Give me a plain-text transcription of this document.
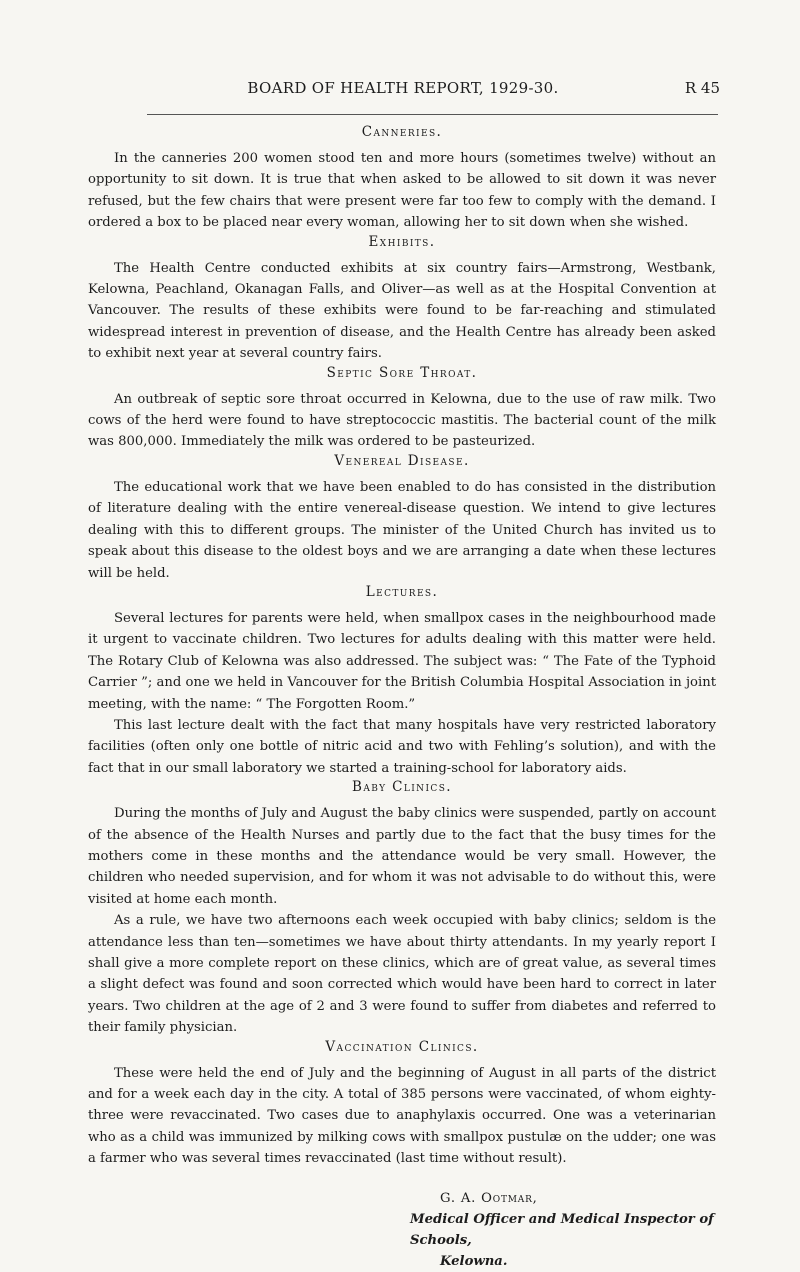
BOARD OF HEALTH REPORT, 1929-30.	R 45
Canneries.

In the canneries 200 women stood ten and more hours (sometimes twelve) without an opportunity to sit down. It is true that when asked to be allowed to sit down it was never refused, but the few chairs that were present were far too few to comply with the demand. I ordered a box to be placed near every woman, allowing her to sit down when she wished.

Exhibits.

The Health Centre conducted exhibits at six country fairs—Armstrong, Westbank, Kelowna, Peachland, Okanagan Falls, and Oliver—as well as at the Hospital Convention at Vancouver. The results of these exhibits were found to be far-reaching and stimulated widespread interest in prevention of disease, and the Health Centre has already been asked to exhibit next year at several country fairs.

Septic Sore Throat.

An outbreak of septic sore throat occurred in Kelowna, due to the use of raw milk. Two cows of the herd were found to have streptococcic mastitis. The bacterial count of the milk was 800,000. Immediately the milk was ordered to be pasteurized.

Venereal Disease.

The educational work that we have been enabled to do has consisted in the distribution of literature dealing with the entire venereal-disease question. We intend to give lectures dealing with this to different groups. The minister of the United Church has invited us to speak about this disease to the oldest boys and we are arranging a date when these lectures will be held.

Lectures.

Several lectures for parents were held, when smallpox cases in the neighbourhood made it urgent to vaccinate children. Two lectures for adults dealing with this matter were held. The Rotary Club of Kelowna was also addressed. The subject was: “ The Fate of the Typhoid Carrier ”; and one we held in Vancouver for the British Columbia Hospital Association in joint meeting, with the name: “ The Forgotten Room.”

This last lecture dealt with the fact that many hospitals have very restricted laboratory facilities (often only one bottle of nitric acid and two with Fehling’s solution), and with the fact that in our small laboratory we started a training-school for laboratory aids.

Baby Clinics.

During the months of July and August the baby clinics were suspended, partly on account of the absence of the Health Nurses and partly due to the fact that the busy times for the mothers come in these months and the attendance would be very small. However, the children who needed supervision, and for whom it was not advisable to do without this, were visited at home each month.

As a rule, we have two afternoons each week occupied with baby clinics; seldom is the attendance less than ten—sometimes we have about thirty attendants. In my yearly report I shall give a more complete report on these clinics, which are of great value, as several times a slight defect was found and soon corrected which would have been hard to correct in later years. Two children at the age of 2 and 3 were found to suffer from diabetes and referred to their family physician.

Vaccination Clinics.

These were held the end of July and the beginning of August in all parts of the district and for a week each day in the city. A total of 385 persons were vaccinated, of whom eighty-three were revaccinated. Two cases due to anaphylaxis occurred. One was a veterinarian who as a child was immunized by milking cows with smallpox pustulæ on the udder; one was a farmer who was several times revaccinated (last time without result).

G. A. Ootmar,
Medical Officer and Medical Inspector of Schools,
Kelowna.
